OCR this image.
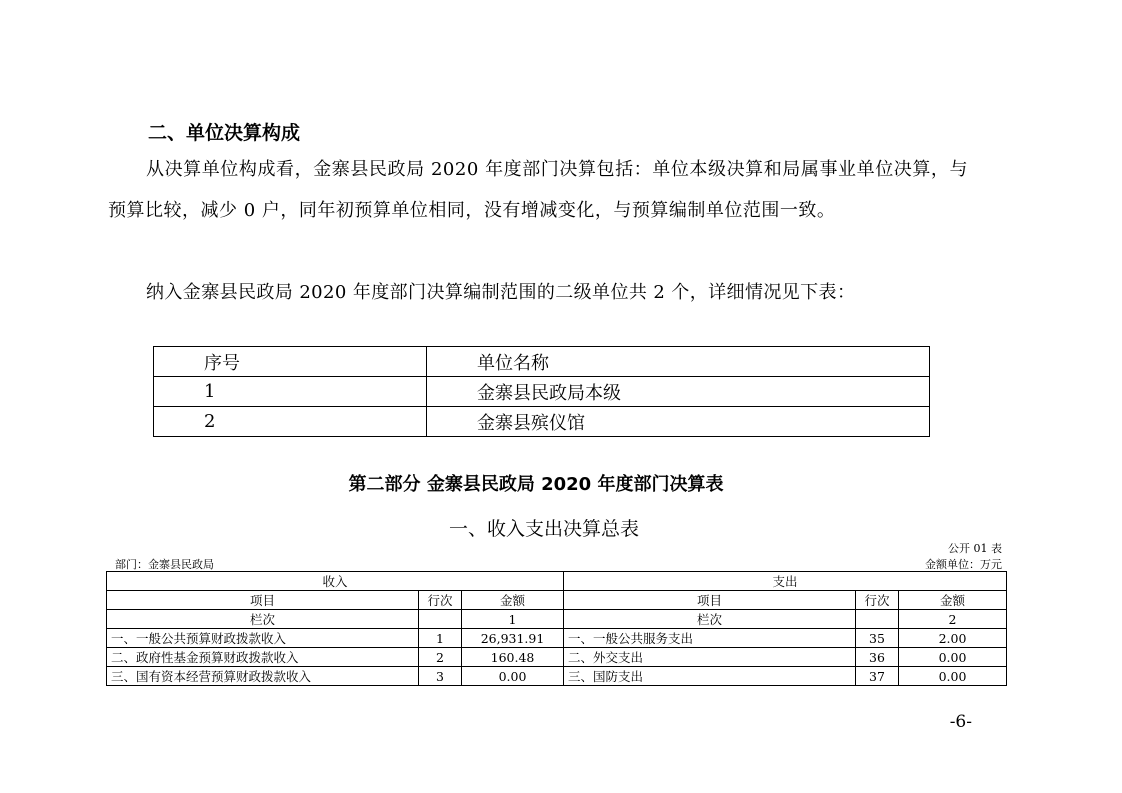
二、单位决算构成
从决算单位构成看，金寨县民政局 2020 年度部门决算包括：单位本级决算和局属事业单位决算，与预算比较，减少 0 户，同年初预算单位相同，没有增减变化，与预算编制单位范围一致。
纳入金寨县民政局 2020 年度部门决算编制范围的二级单位共 2 个，详细情况见下表：
序号	单位名称
1	金寨县民政局本级
2	金寨县殡仪馆
第二部分 金寨县民政局 2020 年度部门决算表
一、收入支出决算总表
公开 01 表
部门：金寨县民政局	金额单位：万元
收入			支出		
项目	行次	金额	项目	行次	金额
栏次		1	栏次		2
一、一般公共预算财政拨款收入	1	26,931.91	一、一般公共服务支出	35	2.00
二、政府性基金预算财政拨款收入	2	160.48	二、外交支出	36	0.00
三、国有资本经营预算财政拨款收入	3	0.00	三、国防支出	37	0.00
-6-
